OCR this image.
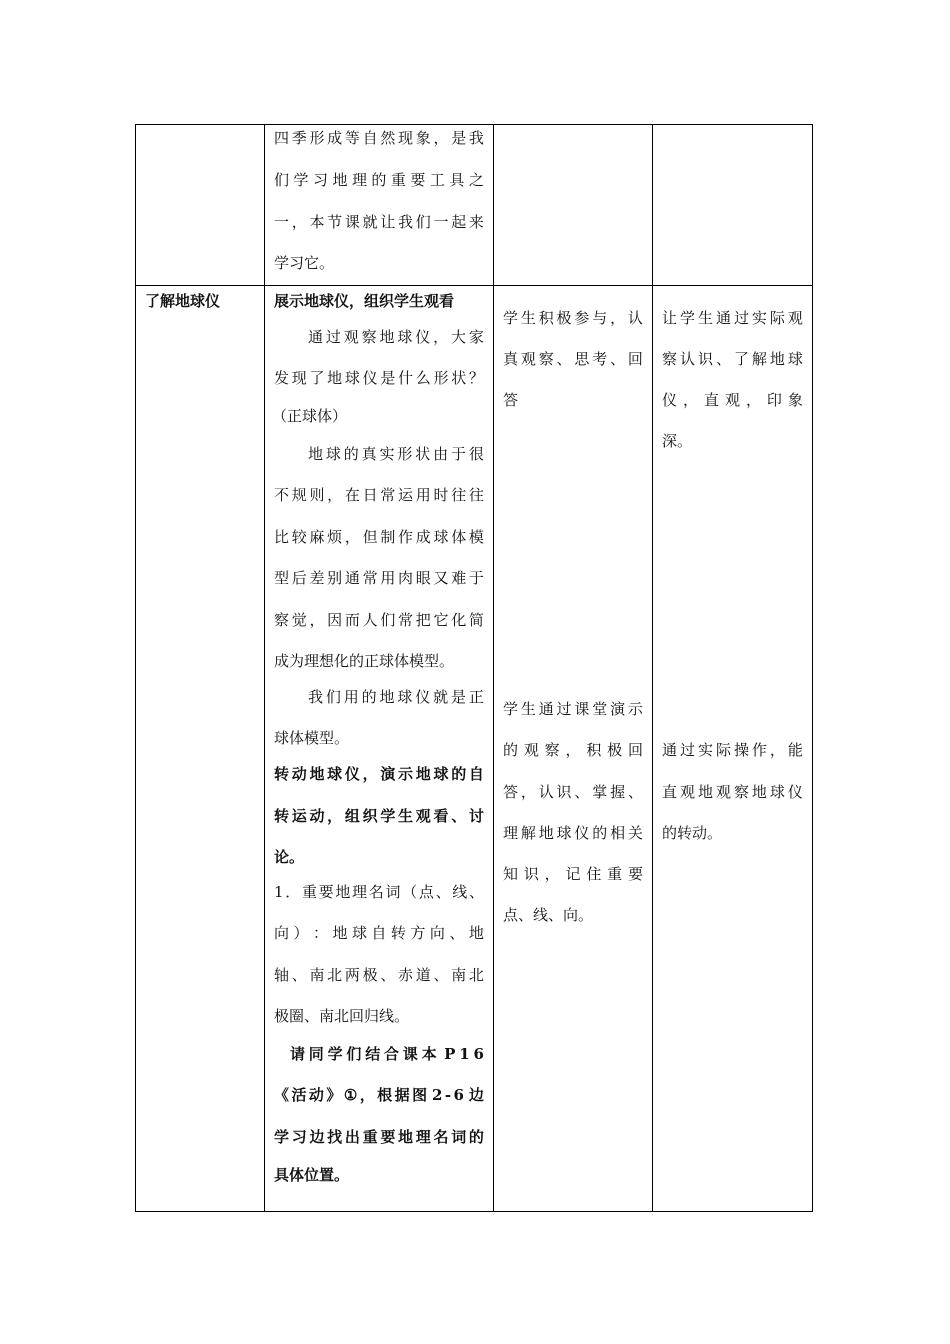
四 季 形 成 等 自 然 现 象 ， 是 我
们 学 习 地 理 的 重 要 工 具 之
一 ， 本 节 课 就 让 我 们 一 起 来
学习它。
了解地球仪	展示地球仪，组织学生观看
通 过 观 察 地 球 仪 ， 大 家
发 现 了 地 球 仪 是 什 么 形 状 ？
（正球体）
地 球 的 真 实 形 状 由 于 很
不 规 则 ， 在 日 常 运 用 时 往 往
比 较 麻 烦 ， 但 制 作 成 球 体 模
型 后 差 别 通 常 用 肉 眼 又 难 于
察 觉 ， 因 而 人 们 常 把 它 化 简
成为理想化的正球体模型。
我 们 用 的 地 球 仪 就 是 正
球体模型。
转 动 地 球 仪 ， 演 示 地 球 的 自
转 运 动 ， 组 织 学 生 观 看 、 讨
论。
1 ． 重 要 地 理 名 词 （ 点 、 线 、
向 ） ： 地 球 自 转 方 向 、 地
轴 、 南 北 两 极 、 赤 道 、 南 北
极圈、南北回归线。
请 同 学 们 结 合 课 本 P 1 6
《 活 动 》 ① ， 根 据 图 2 - 6 边
学 习 边 找 出 重 要 地 理 名 词 的
具体位置。
学 生 积 极 参 与 ， 认
真 观 察 、 思 考 、 回
答
学 生 通 过 课 堂 演 示
的 观 察 ， 积 极 回
答 ， 认 识 、 掌 握 、
理 解 地 球 仪 的 相 关
知 识 ， 记 住 重 要
点、线、向。
让 学 生 通 过 实 际 观
察 认 识 、 了 解 地 球
仪 ， 直 观 ， 印 象
深。
通 过 实 际 操 作 ， 能
直 观 地 观 察 地 球 仪
的转动。
